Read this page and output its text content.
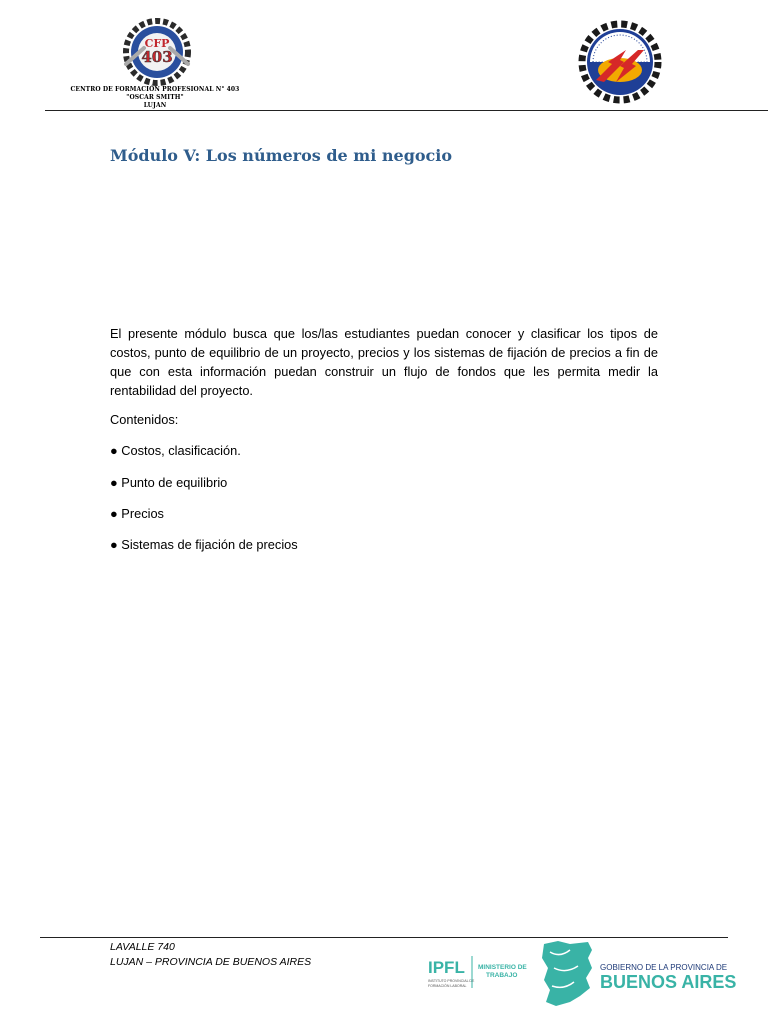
CFP
403
CENTRO DE FORMACIÓN PROFESIONAL N° 403
"OSCAR SMITH"
LUJAN
Módulo V: Los números de mi negocio

El presente módulo busca que los/las estudiantes puedan conocer y clasificar los tipos de costos, punto de equilibrio de un proyecto, precios y los sistemas de fijación de precios a fin de que con esta información puedan construir un flujo de fondos que les permita medir la rentabilidad del proyecto.

Contenidos:

● Costos, clasificación.

● Punto de equilibrio

● Precios

● Sistemas de fijación de precios

LAVALLE 740
LUJAN – PROVINCIA DE BUENOS AIRES	IPFL
INSTITUTO PROVINCIAL DE
FORMACIÓN LABORAL
MINISTERIO DE
TRABAJO
GOBIERNO DE LA PROVINCIA DE
BUENOS AIRES
